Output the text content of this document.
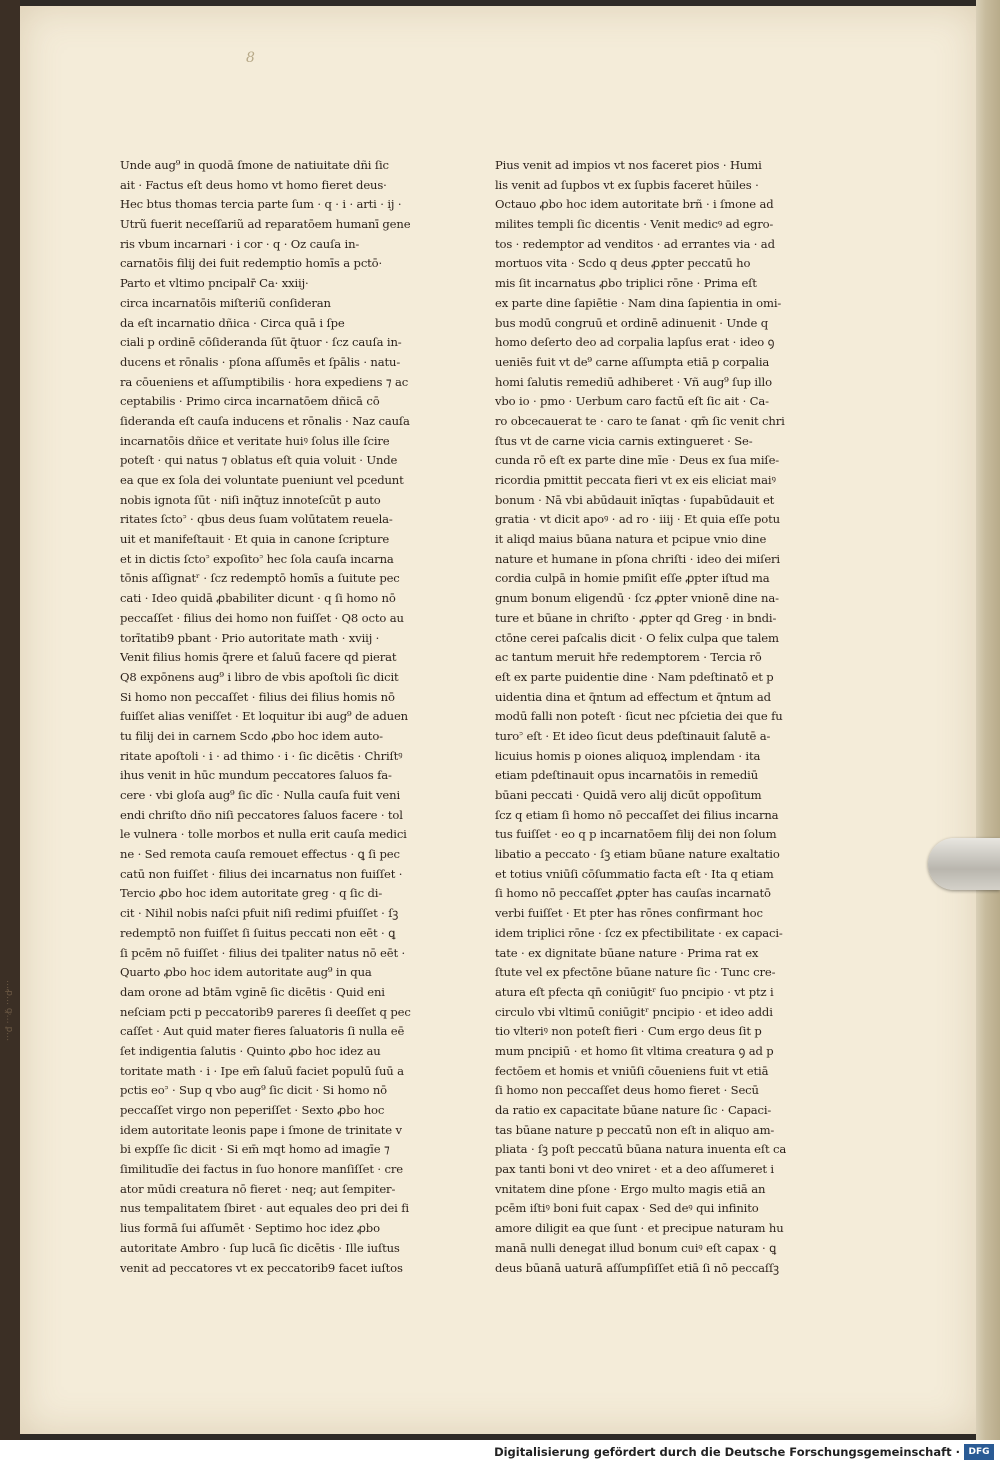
8
Unde aug⁹ in quodā ſmone de natiuitate dñi ſic
ait · Factus eſt deus homo vt homo fieret deus·
Hec btus thomas tercia parte ſum · q · i · arti · ij ·
Utrũ fuerit neceſſariũ ad reparatōem humanī gene
ris vbum incarnari · i cor · q · Oz cauſa in-
carnatōis filij dei fuit redemptio homīs a pctō·
Parto et vltimo pncipalr̄ Ca· xxiij·
circa incarnatōis miſteriũ conſideran
da eſt incarnatio dñica · Circa quā i ſpe
ciali p ordinē cōſideranda ſūt q̄tuor · ſcz cauſa in-
ducens et rōnalis · pſona aſſumēs et ſpālis · natu-
ra cōueniens et aſſumptibilis · hora expediens ⁊ ac
ceptabilis · Primo circa incarnatōem dñicā cō
ſideranda eſt cauſa inducens et rōnalis · Naz cauſa
incarnatōis dñice et veritate huiꝰ ſolus ille ſcire
poteſt · qui natus ⁊ oblatus eſt quia voluit · Unde
ea que ex ſola dei voluntate pueniunt vel pcedunt
nobis ignota ſūt · niſi inq̄tuz innoteſcūt p auto
ritates ſcto꜄ · qbus deus ſuam volūtatem reuela-
uit et manifeſtauit · Et quia in canone ſcripture
et in dictis ſcto꜄ expoſito꜄ hec ſola cauſa incarna
tōnis aſſignatʳ · ſcz redemptō homīs a ſuitute pec
cati · Ideo quidā ꝓbabiliter dicunt · q ſi homo nō
peccaſſet · filius dei homo non fuiſſet · Q8 octo au
torītatib9 pbant · Prio autoritate math · xviij ·
Venit filius homis q̄rere et ſaluū facere qd pierat
Q8 expōnens aug⁹ i libro de vbis apoſtoli ſic dicit
Si homo non peccaſſet · filius dei filius homis nō
fuiſſet alias veniſſet · Et loquitur ibi aug⁹ de aduen
tu filij dei in carnem Scdo ꝓbo hoc idem auto-
ritate apoſtoli · i · ad thimo · i · ſic dicētis · Chriſtꝰ
ihus venit in hūc mundum peccatores ſaluos fa-
cere · vbi gloſa aug⁹ ſic dīc · Nulla cauſa fuit veni
endi chriſto dño niſi peccatores ſaluos facere · tol
le vulnera · tolle morbos et nulla erit cauſa medici
ne · Sed remota cauſa remouet effectus · ꝗ ſi pec
catū non fuiſſet · filius dei incarnatus non fuiſſet ·
Tercio ꝓbo hoc idem autoritate greg · q ſic di-
cit · Nihil nobis naſci pfuit niſi redimi pfuiſſet · ſꝫ
redemptō non fuiſſet ſi ſuitus peccati non eēt · ꝗ
ſi pcēm nō fuiſſet · filius dei tpaliter natus nō eēt ·
Quarto ꝓbo hoc idem autoritate aug⁹ in qua
dam orone ad btām vginē ſic dicētis · Quid eni
neſciam pcti p peccatorib9 pareres ſi deeſſet q pec
caſſet · Aut quid mater fieres ſaluatoris ſi nulla eē
ſet indigentia ſalutis · Quinto ꝓbo hoc idez au
toritate math · i · Ipe em̄ ſaluū faciet populū ſuū a
pctis eo꜄ · Sup q vbo aug⁹ ſic dicit · Si homo nō
peccaſſet virgo non peperiſſet · Sexto ꝓbo hoc
idem autoritate leonis pape i ſmone de trinitate v
bi expſſe ſic dicit · Si em̄ mqt homo ad imagīe ⁊
ſimilitudīe dei factus in ſuo honore manſiſſet · cre
ator mūdi creatura nō fieret · neq; aut ſempiter-
nus tempalitatem ſbiret · aut equales deo pri dei fi
lius formā ſui aſſumēt · Septimo hoc idez ꝓbo
autoritate Ambro · ſup lucā ſic dicētis · Ille iuſtus
venit ad peccatores vt ex peccatorib9 facet iuſtos
Pius venit ad impios vt nos faceret pios · Humi
lis venit ad ſupbos vt ex ſupbis faceret hūiles ·
Octauo ꝓbo hoc idem autoritate brñ · i ſmone ad
milites templi ſic dicentis · Venit medicꝰ ad egro-
tos · redemptor ad venditos · ad errantes via · ad
mortuos vita · Scdo q deus ꝓpter peccatū ho
mis ſit incarnatus ꝓbo triplici rōne · Prima eſt
ex parte dine ſapiētie · Nam dina ſapientia in omi-
bus modū congruū et ordinē adinuenit · Unde q
homo deſerto deo ad corpalia lapſus erat · ideo ꝯ
ueniēs fuit vt de⁹ carne aſſumpta etiā p corpalia
homi ſalutis remediū adhiberet · Vñ aug⁹ ſup illo
vbo io · pmo · Uerbum caro factū eſt ſic ait · Ca-
ro obcecauerat te · caro te ſanat · qm̄ ſic venit chri
ſtus vt de carne vicia carnis extingueret · Se-
cunda rō eſt ex parte dine mīe · Deus ex ſua miſe-
ricordia pmittit peccata fieri vt ex eis eliciat maiꝰ
bonum · Nā vbi abūdauit inīqtas · ſupabūdauit et
gratia · vt dicit apoꝰ · ad ro · iiij · Et quia eſſe potu
it aliqd maius būana natura et pcipue vnio dine
nature et humane in pſona chriſti · ideo dei miſeri
cordia culpā in homie pmiſit eſſe ꝓpter iſtud ma
gnum bonum eligendū · ſcz ꝓpter vnionē dine na-
ture et būane in chriſto · ꝓpter qd Greg · in bndi-
ctōne cerei paſcalis dicit · O felix culpa que talem
ac tantum meruit hr̄e redemptorem · Tercia rō
eſt ex parte puidentie dine · Nam pdeſtinatō et p
uidentia dina et q̄ntum ad effectum et q̄ntum ad
modū falli non poteſt · ſicut nec pſcietia dei que fu
turo꜄ eſt · Et ideo ſicut deus pdeſtinauit ſalutē a-
licuius homis p oiones aliquoꝝ implendam · ita
etiam pdeſtinauit opus incarnatōis in remediū
būani peccati · Quidā vero alij dicūt oppoſitum
ſcz q etiam ſi homo nō peccaſſet dei filius incarna
tus fuiſſet · eo q p incarnatōem filij dei non ſolum
libatio a peccato · ſꝫ etiam būane nature exaltatio
et totius vniūſi cōſummatio facta eſt · Ita q etiam
ſi homo nō peccaſſet ꝓpter has cauſas incarnatō
verbi fuiſſet · Et pter has rōnes confirmant hoc
idem triplici rōne · ſcz ex pfectibilitate · ex capaci-
tate · ex dignitate būane nature · Prima rat ex
ſtute vel ex pfectōne būane nature ſic · Tunc cre-
atura eſt pfecta qn̄ coniūgitʳ ſuo pncipio · vt ptz i
circulo vbi vltimū coniūgitʳ pncipio · et ideo addi
tio vlteriꝰ non poteſt fieri · Cum ergo deus ſit p
mum pncipiū · et homo ſit vltima creatura ꝯ ad p
fectōem et homis et vniūſi cōueniens fuit vt etiā
ſi homo non peccaſſet deus homo fieret · Secū
da ratio ex capacitate būane nature ſic · Capaci-
tas būane nature p peccatū non eſt in aliquo am-
pliata · ſꝫ poſt peccatū būana natura inuenta eſt ca
pax tanti boni vt deo vniret · et a deo aſſumeret i
vnitatem dine pſone · Ergo multo magis etiā an
pcēm iſtiꝰ boni fuit capax · Sed deꝰ qui infinito
amore diligit ea que ſunt · et precipue naturam hu
manā nulli denegat illud bonum cuiꝰ eſt capax · ꝗ
deus būanā uaturā aſſumpſiſſet etiā ſi nō peccaſſꝫ
…ꝓ… ꝙ… ꝑ…
Digitalisierung gefördert durch die Deutsche Forschungsgemeinschaft · DFG
